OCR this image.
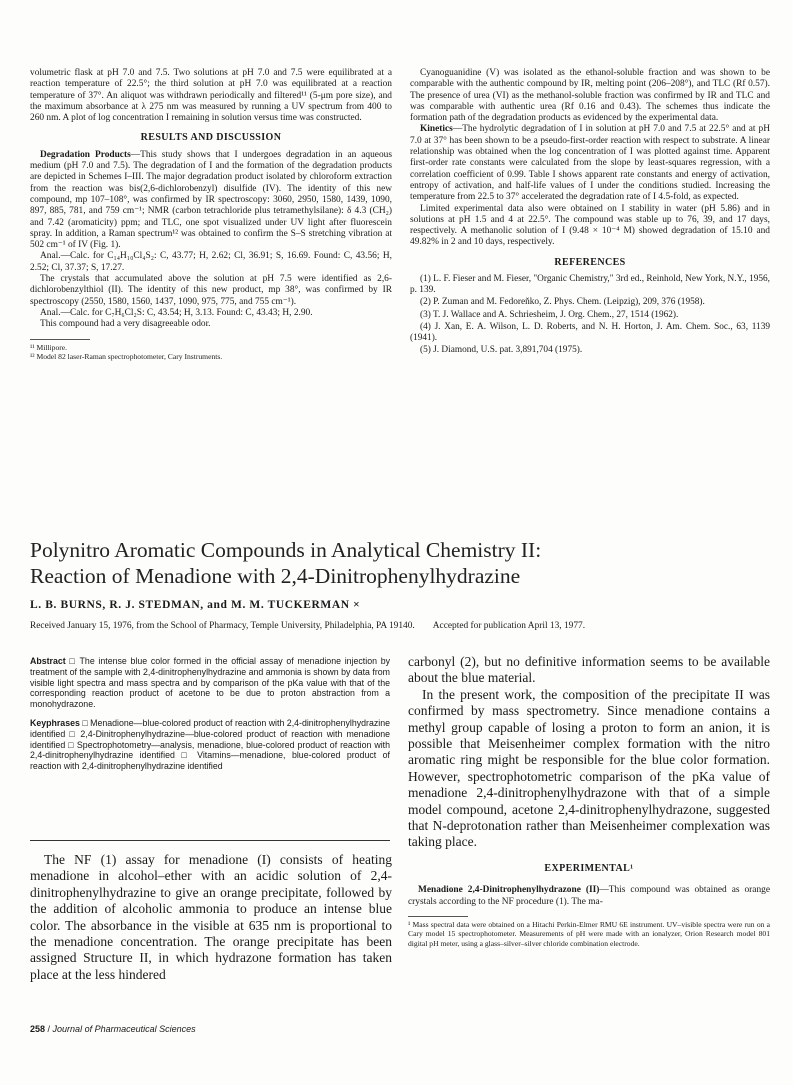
volumetric flask at pH 7.0 and 7.5. Two solutions at pH 7.0 and 7.5 were equilibrated at a reaction temperature of 22.5°; the third solution at pH 7.0 was equilibrated at a reaction temperature of 37°. An aliquot was withdrawn periodically and filtered¹¹ (5-μm pore size), and the maximum absorbance at λ 275 nm was measured by running a UV spectrum from 400 to 260 nm. A plot of log concentration I remaining in solution versus time was constructed.

RESULTS AND DISCUSSION

Degradation Products—This study shows that I undergoes degradation in an aqueous medium (pH 7.0 and 7.5). The degradation of I and the formation of the degradation products are depicted in Schemes I–III. The major degradation product isolated by chloroform extraction from the reaction was bis(2,6-dichlorobenzyl) disulfide (IV). The identity of this new compound, mp 107–108°, was confirmed by IR spectroscopy: 3060, 2950, 1580, 1439, 1090, 897, 885, 781, and 759 cm⁻¹; NMR (carbon tetrachloride plus tetramethylsilane): δ 4.3 (CH₂) and 7.42 (aromaticity) ppm; and TLC, one spot visualized under UV light after fluorescein spray. In addition, a Raman spectrum¹² was obtained to confirm the S–S stretching vibration at 502 cm⁻¹ of IV (Fig. 1).

Anal.—Calc. for C₁₄H₁₀Cl₄S₂: C, 43.77; H, 2.62; Cl, 36.91; S, 16.69. Found: C, 43.56; H, 2.52; Cl, 37.37; S, 17.27.

The crystals that accumulated above the solution at pH 7.5 were identified as 2,6-dichlorobenzylthiol (II). The identity of this new product, mp 38°, was confirmed by IR spectroscopy (2550, 1580, 1560, 1437, 1090, 975, 775, and 755 cm⁻¹).

Anal.—Calc. for C₇H₆Cl₂S: C, 43.54; H, 3.13. Found: C, 43.43; H, 2.90.

This compound had a very disagreeable odor.

¹¹ Millipore.
¹² Model 82 laser-Raman spectrophotometer, Cary Instruments.

Cyanoguanidine (V) was isolated as the ethanol-soluble fraction and was shown to be comparable with the authentic compound by IR, melting point (206–208°), and TLC (Rf 0.57). The presence of urea (VI) as the methanol-soluble fraction was confirmed by IR and TLC and was comparable with authentic urea (Rf 0.16 and 0.43). The schemes thus indicate the formation path of the degradation products as evidenced by the experimental data.

Kinetics—The hydrolytic degradation of I in solution at pH 7.0 and 7.5 at 22.5° and at pH 7.0 at 37° has been shown to be a pseudo-first-order reaction with respect to substrate. A linear relationship was obtained when the log concentration of I was plotted against time. Apparent first-order rate constants were calculated from the slope by least-squares regression, with a correlation coefficient of 0.99. Table I shows apparent rate constants and energy of activation, entropy of activation, and half-life values of I under the conditions studied. Increasing the temperature from 22.5 to 37° accelerated the degradation rate of I 4.5-fold, as expected.

Limited experimental data also were obtained on I stability in water (pH 5.86) and in solutions at pH 1.5 and 4 at 22.5°. The compound was stable up to 76, 39, and 17 days, respectively. A methanolic solution of I (9.48 × 10⁻⁴ M) showed degradation of 15.10 and 49.82% in 2 and 10 days, respectively.

REFERENCES
(1) L. F. Fieser and M. Fieser, "Organic Chemistry," 3rd ed., Reinhold, New York, N.Y., 1956, p. 139.
(2) P. Zuman and M. Fedoreňko, Z. Phys. Chem. (Leipzig), 209, 376 (1958).
(3) T. J. Wallace and A. Schriesheim, J. Org. Chem., 27, 1514 (1962).
(4) J. Xan, E. A. Wilson, L. D. Roberts, and N. H. Horton, J. Am. Chem. Soc., 63, 1139 (1941).
(5) J. Diamond, U.S. pat. 3,891,704 (1975).
Polynitro Aromatic Compounds in Analytical Chemistry II:
Reaction of Menadione with 2,4-Dinitrophenylhydrazine
L. B. BURNS, R. J. STEDMAN, and M. M. TUCKERMAN ×
Received January 15, 1976, from the School of Pharmacy, Temple University, Philadelphia, PA 19140. Accepted for publication April 13, 1977.

Abstract □ The intense blue color formed in the official assay of menadione injection by treatment of the sample with 2,4-dinitrophenylhydrazine and ammonia is shown by data from visible light spectra and mass spectra and by comparison of the pKa value with that of the corresponding reaction product of acetone to be due to proton abstraction from a monohydrazone.

Keyphrases □ Menadione—blue-colored product of reaction with 2,4-dinitrophenylhydrazine identified □ 2,4-Dinitrophenylhydrazine—blue-colored product of reaction with menadione identified □ Spectrophotometry—analysis, menadione, blue-colored product of reaction with 2,4-dinitrophenylhydrazine identified □ Vitamins—menadione, blue-colored product of reaction with 2,4-dinitrophenylhydrazine identified

The NF (1) assay for menadione (I) consists of heating menadione in alcohol–ether with an acidic solution of 2,4-dinitrophenylhydrazine to give an orange precipitate, followed by the addition of alcoholic ammonia to produce an intense blue color. The absorbance in the visible at 635 nm is proportional to the menadione concentration. The orange precipitate has been assigned Structure II, in which hydrazone formation has taken place at the less hindered

carbonyl (2), but no definitive information seems to be available about the blue material.

In the present work, the composition of the precipitate II was confirmed by mass spectrometry. Since menadione contains a methyl group capable of losing a proton to form an anion, it is possible that Meisenheimer complex formation with the nitro aromatic ring might be responsible for the blue color formation. However, spectrophotometric comparison of the pKa value of menadione 2,4-dinitrophenylhydrazone with that of a simple model compound, acetone 2,4-dinitrophenylhydrazone, suggested that N-deprotonation rather than Meisenheimer complexation was taking place.

EXPERIMENTAL¹
Menadione 2,4-Dinitrophenylhydrazone (II)—This compound was obtained as orange crystals according to the NF procedure (1). The ma-
¹ Mass spectral data were obtained on a Hitachi Perkin-Elmer RMU 6E instrument. UV–visible spectra were run on a Cary model 15 spectrophotometer. Measurements of pH were made with an ionalyzer, Orion Research model 801 digital pH meter, using a glass–silver–silver chloride combination electrode.
258 / Journal of Pharmaceutical Sciences
